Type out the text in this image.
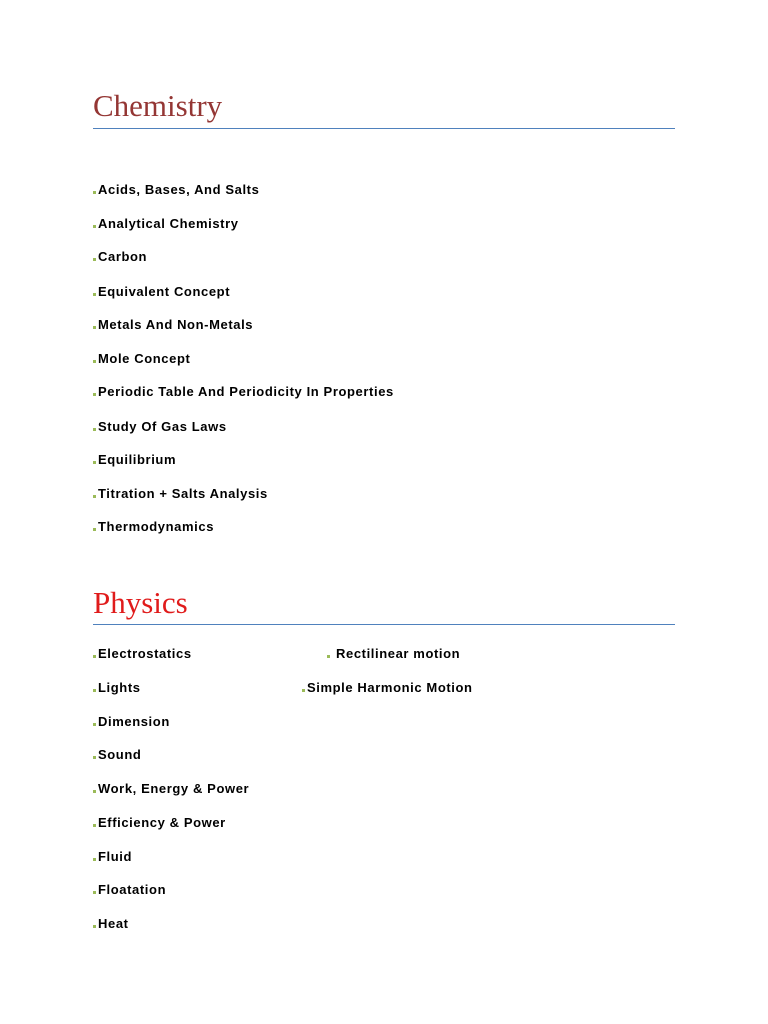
Chemistry
Acids, Bases, And Salts
Analytical Chemistry
Carbon
Equivalent Concept
Metals And Non-Metals
Mole Concept
Periodic Table And Periodicity In Properties
Study Of Gas Laws
Equilibrium
Titration + Salts Analysis
Thermodynamics
Physics
Electrostatics	Rectilinear motion
Lights	Simple Harmonic Motion
Dimension
Sound
Work, Energy & Power
Efficiency & Power
Fluid
Floatation
Heat
